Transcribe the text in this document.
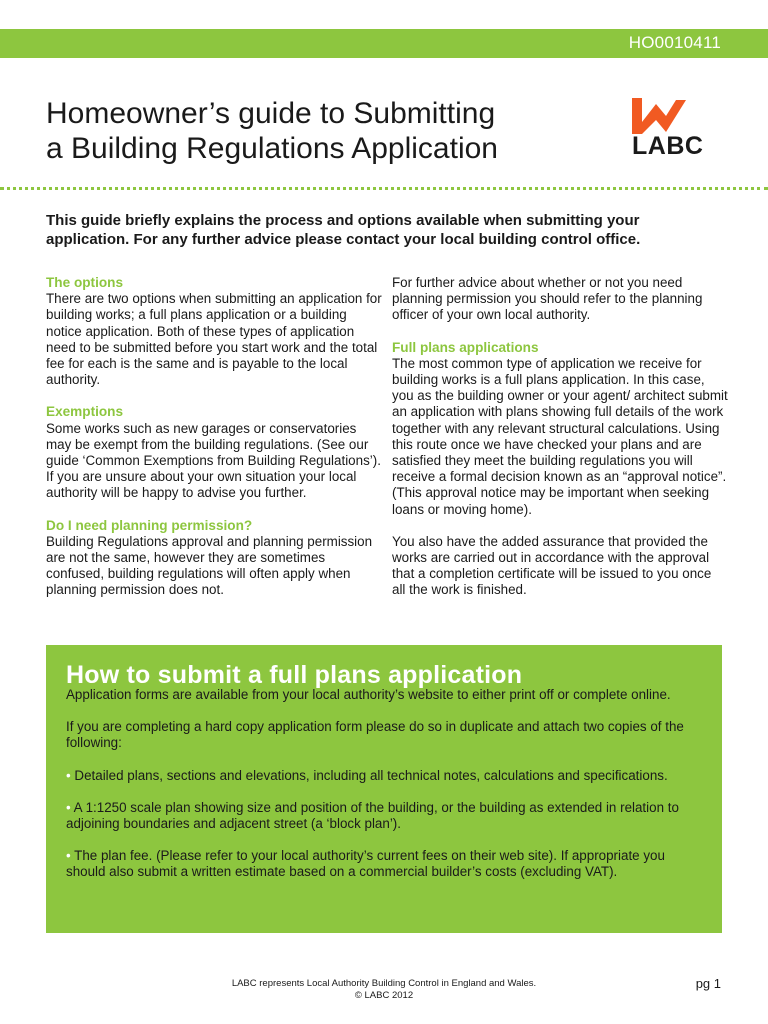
HO0010411
Homeowner’s guide to Submitting
a Building Regulations Application	LABC

This guide briefly explains the process and options available when submitting your application. For any further advice please contact your local building control office.

The options

There are two options when submitting an application for building works; a full plans application or a building notice application. Both of these types of application need to be submitted before you start work and the total fee for each is the same and is payable to the local authority.

Exemptions

Some works such as new garages or conservatories may be exempt from the building regulations. (See our guide ‘Common Exemptions from Building Regulations’). If you are unsure about your own situation your local authority will be happy to advise you further.

Do I need planning permission?

Building Regulations approval and planning permission are not the same, however they are sometimes confused, building regulations will often apply when planning permission does not.

For further advice about whether or not you need planning permission you should refer to the planning officer of your own local authority.

Full plans applications

The most common type of application we receive for building works is a full plans application. In this case, you as the building owner or your agent/ architect submit an application with plans showing full details of the work together with any relevant structural calculations. Using this route once we have checked your plans and are satisfied they meet the building regulations you will receive a formal decision known as an “approval notice”. (This approval notice may be important when seeking loans or moving home).

You also have the added assurance that provided the works are carried out in accordance with the approval that a completion certificate will be issued to you once all the work is finished.

How to submit a full plans application

Application forms are available from your local authority’s website to either print off or complete online.

If you are completing a hard copy application form please do so in duplicate and attach two copies of the following:

• Detailed plans, sections and elevations, including all technical notes, calculations and specifications.

• A 1:1250 scale plan showing size and position of the building, or the building as extended in relation to adjoining boundaries and adjacent street (a ‘block plan’).

• The plan fee. (Please refer to your local authority’s current fees on their web site). If appropriate you should also submit a written estimate based on a commercial builder’s costs (excluding VAT).

LABC represents Local Authority Building Control in England and Wales.
© LABC 2012
pg 1
